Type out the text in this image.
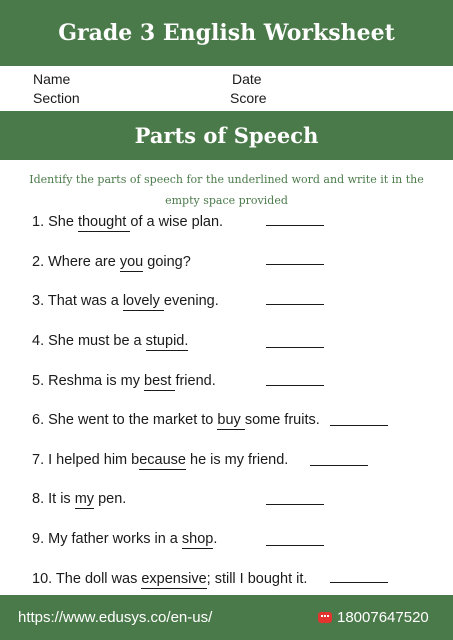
Grade 3 English Worksheet
Name	Date
Section	Score
Parts of Speech
Identify the parts of speech for the underlined word and write it in the empty space provided
1. She thought of a wise plan.
2. Where are you going?
3. That was a lovely evening.
4. She must be a stupid.
5. Reshma is my best friend.
6. She went to the market to buy some fruits.
7. I helped him because he is my friend.
8. It is my pen.
9. My father works in a shop.
10. The doll was expensive; still I bought it.
https://www.edusys.co/en-us/	18007647520
